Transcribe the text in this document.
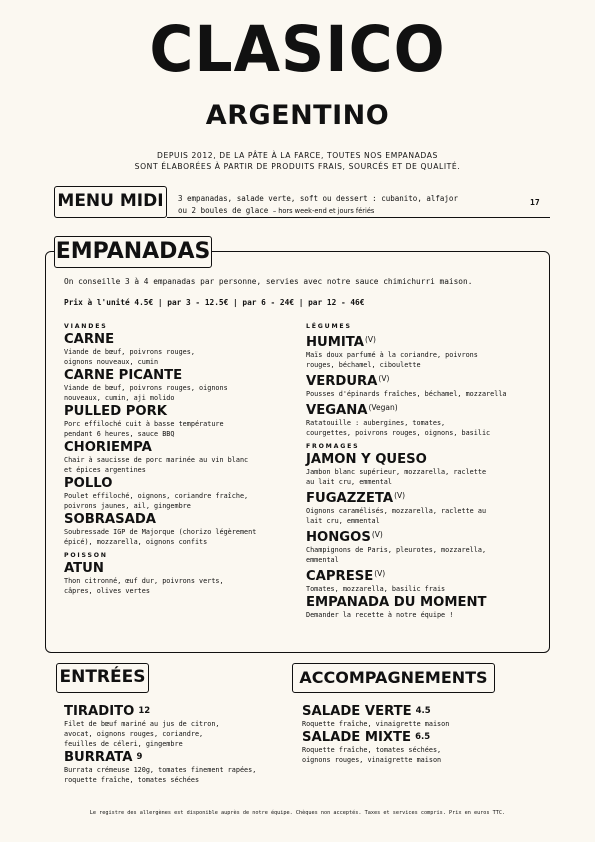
CLASICO
ARGENTINO
DEPUIS 2012, DE LA PÂTE À LA FARCE, TOUTES NOS EMPANADAS
SONT ÉLABORÉES À PARTIR DE PRODUITS FRAIS, SOURCÉS ET DE QUALITÉ.
MENU MIDI	3 empanadas, salade verte, soft ou dessert : cubanito, alfajor
ou 2 boules de glace – hors week-end et jours fériés
17
EMPANADAS
On conseille 3 à 4 empanadas par personne, servies avec notre sauce chimichurri maison.
Prix à l'unité 4.5€ | par 3 - 12.5€ | par 6 - 24€ | par 12 - 46€
VIANDES
CARNE
Viande de bœuf, poivrons rouges,
oignons nouveaux, cumin
CARNE PICANTE
Viande de bœuf, poivrons rouges, oignons
nouveaux, cumin, aji molido
PULLED PORK
Porc effiloché cuit à basse température
pendant 6 heures, sauce BBQ
CHORIEMPA
Chair à saucisse de porc marinée au vin blanc
et épices argentines
POLLO
Poulet effiloché, oignons, coriandre fraîche,
poivrons jaunes, ail, gingembre
SOBRASADA
Soubressade IGP de Majorque (chorizo légèrement
épicé), mozzarella, oignons confits
POISSON
ATUN
Thon citronné, œuf dur, poivrons verts,
câpres, olives vertes
LÉGUMES
$HUMITA^{(V)}$
Maïs doux parfumé à la coriandre, poivrons
rouges, béchamel, ciboulette
$VERDURA^{(V)}$
Pousses d'épinards fraîches, béchamel, mozzarella
$VEGANA^{(Vegan)}$
Ratatouille : aubergines, tomates,
courgettes, poivrons rouges, oignons, basilic
FROMAGES
JAMON Y QUESO
Jambon blanc supérieur, mozzarella, raclette
au lait cru, emmental
$FUGAZZETA^{(V)}$
Oignons caramélisés, mozzarella, raclette au
lait cru, emmental
$HONGOS^{(V)}$
Champignons de Paris, pleurotes, mozzarella,
emmental
$CAPRESE^{(V)}$
Tomates, mozzarella, basilic frais
EMPANADA DU MOMENT
Demander la recette à notre équipe !
ENTRÉES	ACCOMPAGNEMENTS
TIRADITO 12
Filet de bœuf mariné au jus de citron,
avocat, oignons rouges, coriandre,
feuilles de céleri, gingembre
BURRATA 9
Burrata crémeuse 120g, tomates finement rapées,
roquette fraîche, tomates séchées
SALADE VERTE 4.5
Roquette fraîche, vinaigrette maison
SALADE MIXTE 6.5
Roquette fraîche, tomates séchées,
oignons rouges, vinaigrette maison
Le registre des allergènes est disponible auprès de notre équipe. Chèques non acceptés. Taxes et services compris. Prix en euros TTC.
